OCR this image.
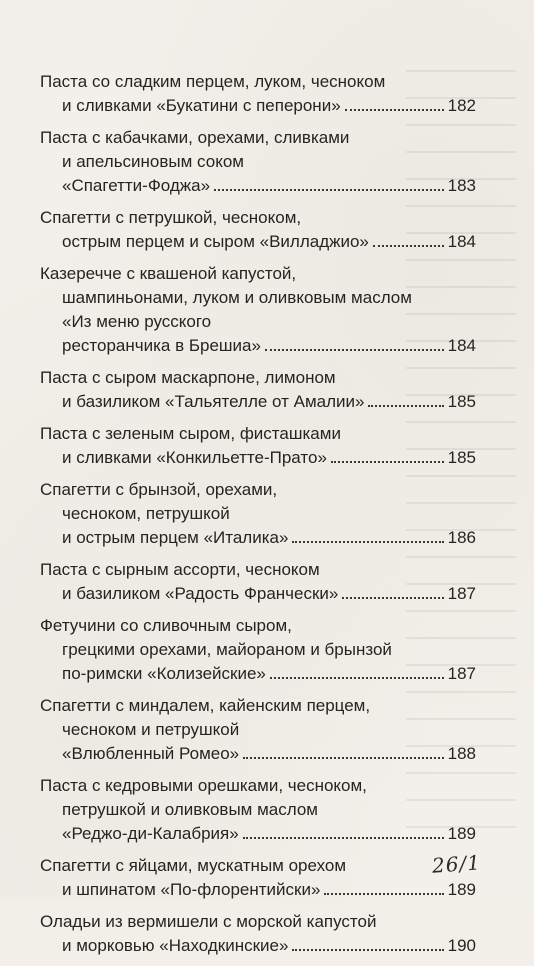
Паста со сладким перцем, луком, чесноком
и сливками «Букатини с пеперони»	182
Паста с кабачками, орехами, сливками
и апельсиновым соком
«Спагетти-Фоджа»	183
Спагетти с петрушкой, чесноком,
острым перцем и сыром «Вилладжио»	184
Казеречче с квашеной капустой,
шампиньонами, луком и оливковым маслом
«Из меню русского
ресторанчика в Брешиа»	184
Паста с сыром маскарпоне, лимоном
и базиликом «Тальятелле от Амалии»	185
Паста с зеленым сыром, фисташками
и сливками «Конкильетте-Прато»	185
Спагетти с брынзой, орехами,
чесноком, петрушкой
и острым перцем «Италика»	186
Паста с сырным ассорти, чесноком
и базиликом «Радость Франчески»	187
Фетучини со сливочным сыром,
грецкими орехами, майораном и брынзой
по-римски «Колизейские»	187
Спагетти с миндалем, кайенским перцем,
чесноком и петрушкой
«Влюбленный Ромео»	188
Паста с кедровыми орешками, чесноком,
петрушкой и оливковым маслом
«Реджо-ди-Калабрия»	189
Спагетти с яйцами, мускатным орехом
и шпинатом «По-флорентийски»	189
Оладьи из вермишели с морской капустой
и морковью «Находкинские»	190
26/1
